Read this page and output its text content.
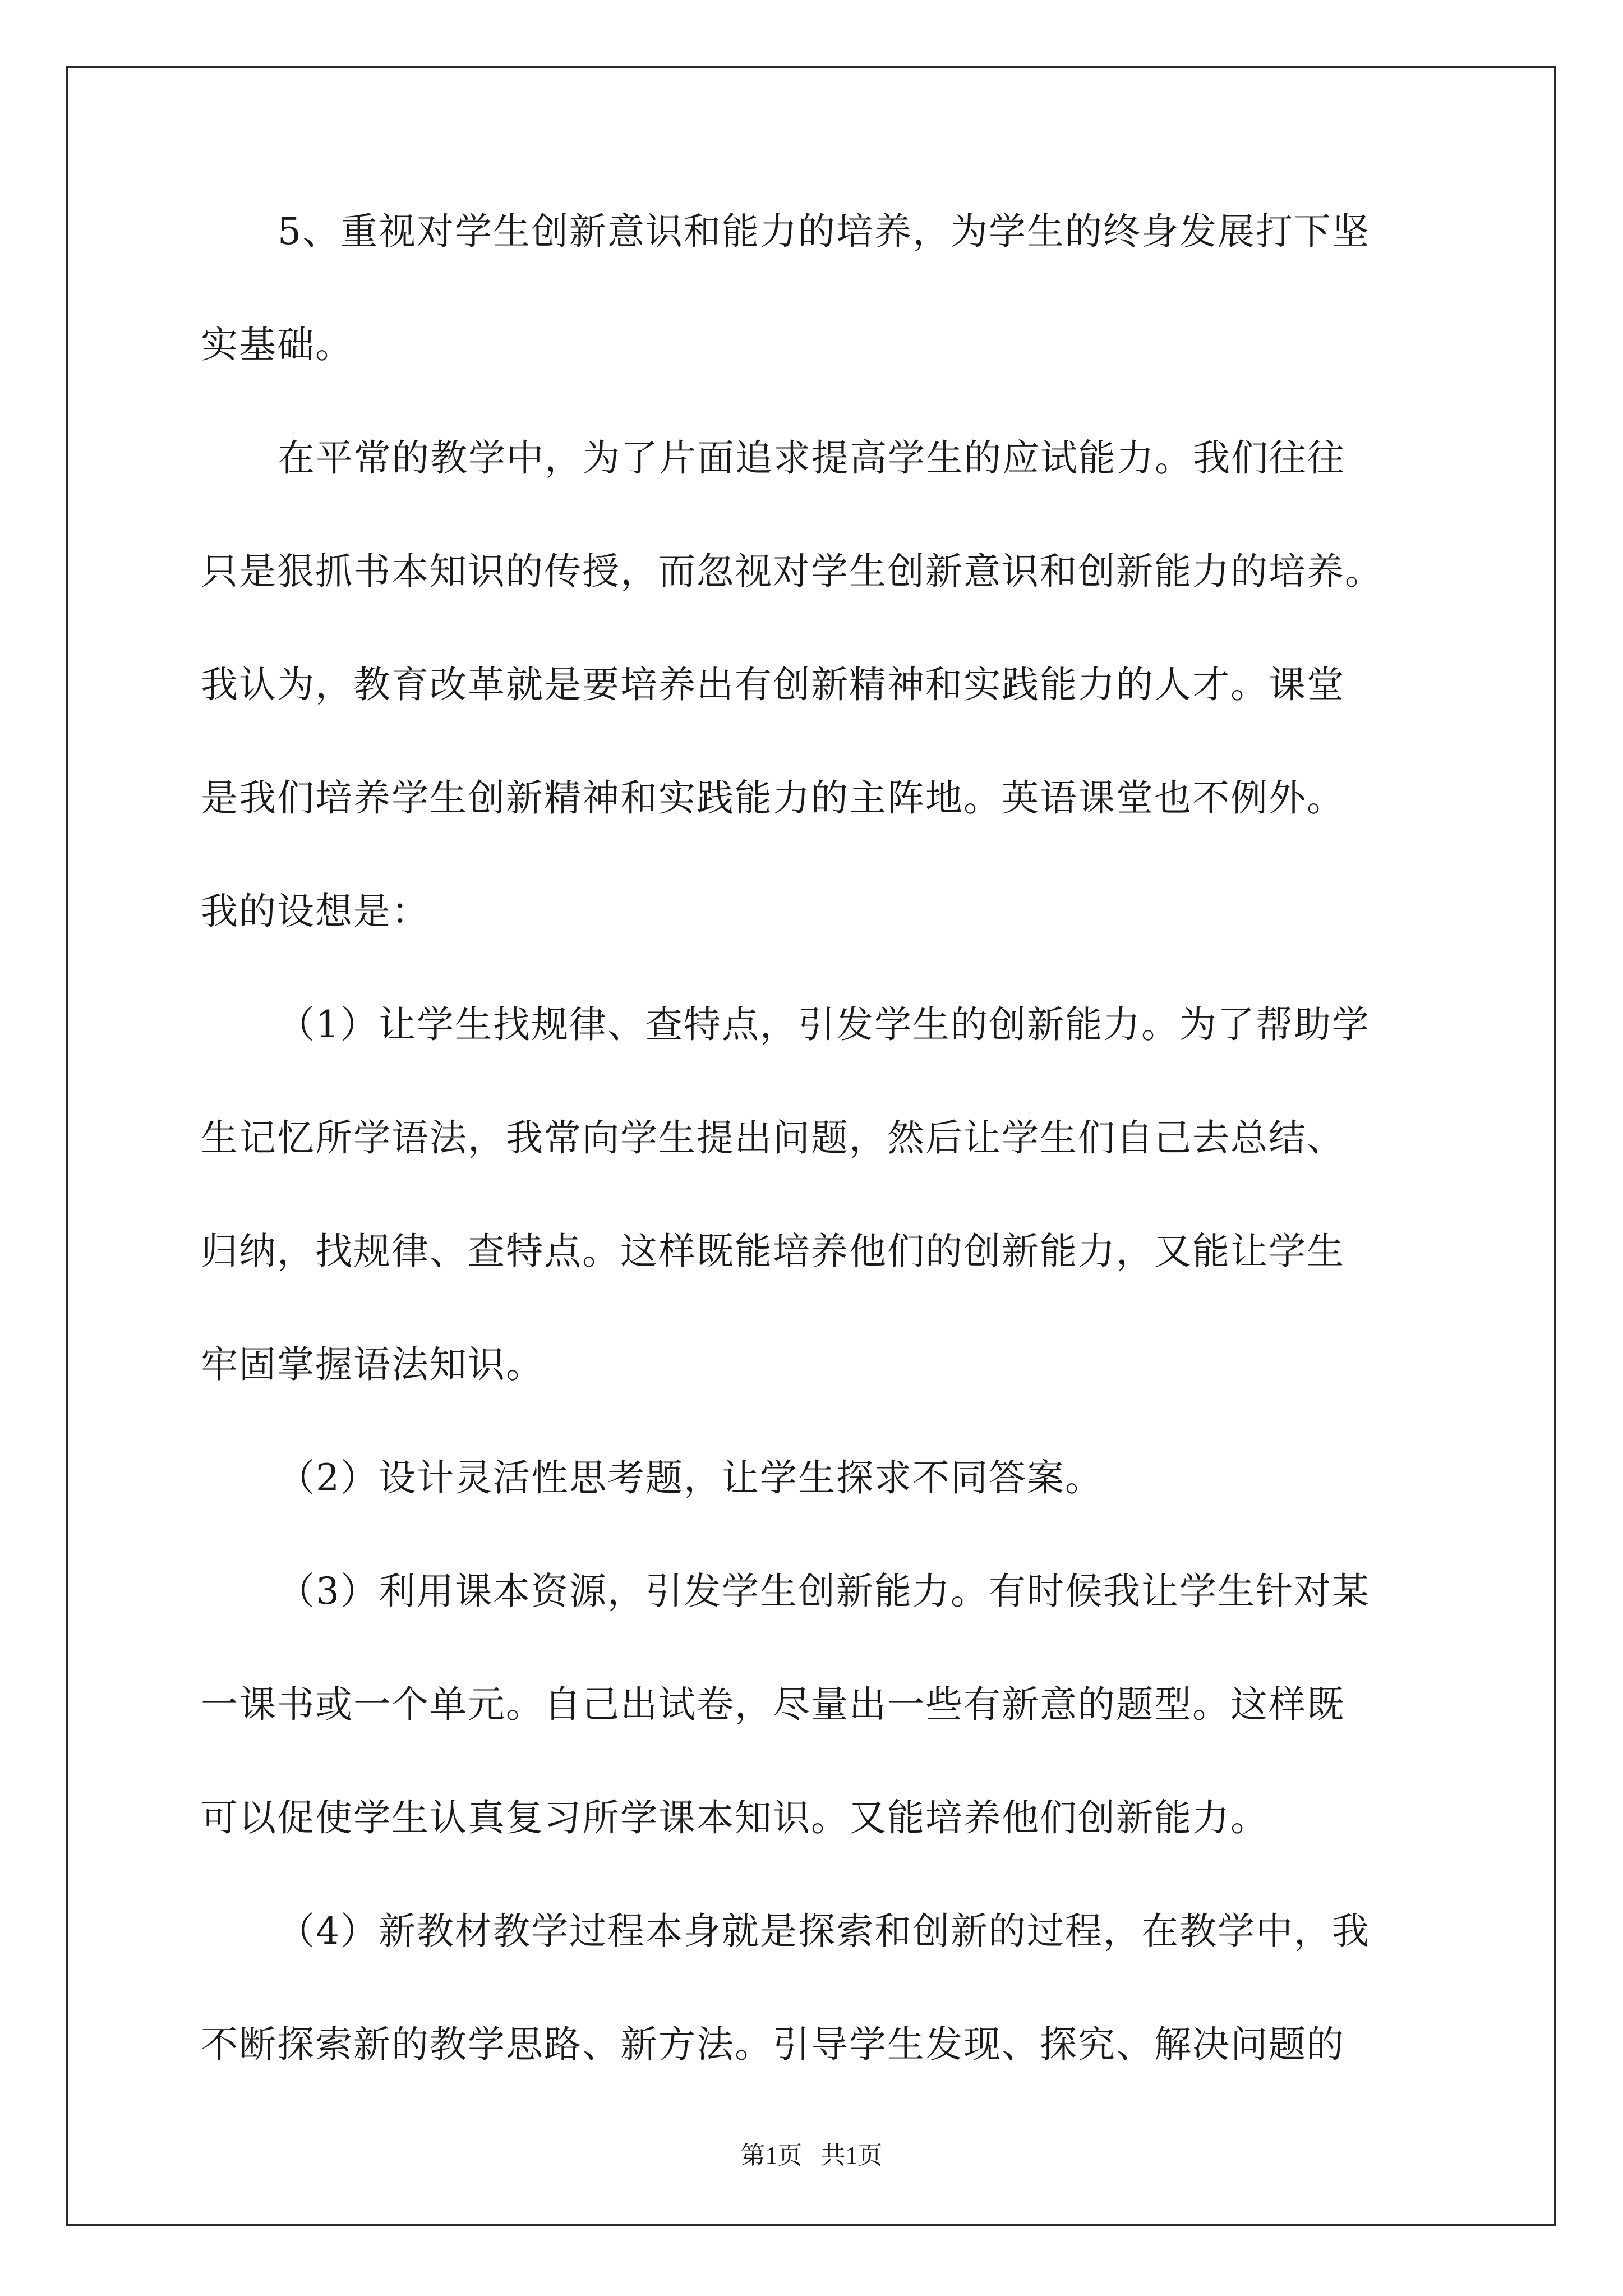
5、重视对学生创新意识和能力的培养，为学生的终身发展打下坚
实基础。
在平常的教学中，为了片面追求提高学生的应试能力。我们往往
只是狠抓书本知识的传授，而忽视对学生创新意识和创新能力的培养。
我认为，教育改革就是要培养出有创新精神和实践能力的人才。课堂
是我们培养学生创新精神和实践能力的主阵地。英语课堂也不例外。
我的设想是：
（1）让学生找规律、查特点，引发学生的创新能力。为了帮助学
生记忆所学语法，我常向学生提出问题，然后让学生们自己去总结、
归纳，找规律、查特点。这样既能培养他们的创新能力，又能让学生
牢固掌握语法知识。
（2）设计灵活性思考题，让学生探求不同答案。
（3）利用课本资源，引发学生创新能力。有时候我让学生针对某
一课书或一个单元。自己出试卷，尽量出一些有新意的题型。这样既
可以促使学生认真复习所学课本知识。又能培养他们创新能力。
（4）新教材教学过程本身就是探索和创新的过程，在教学中，我
不断探索新的教学思路、新方法。引导学生发现、探究、解决问题的
第1页   共1页
